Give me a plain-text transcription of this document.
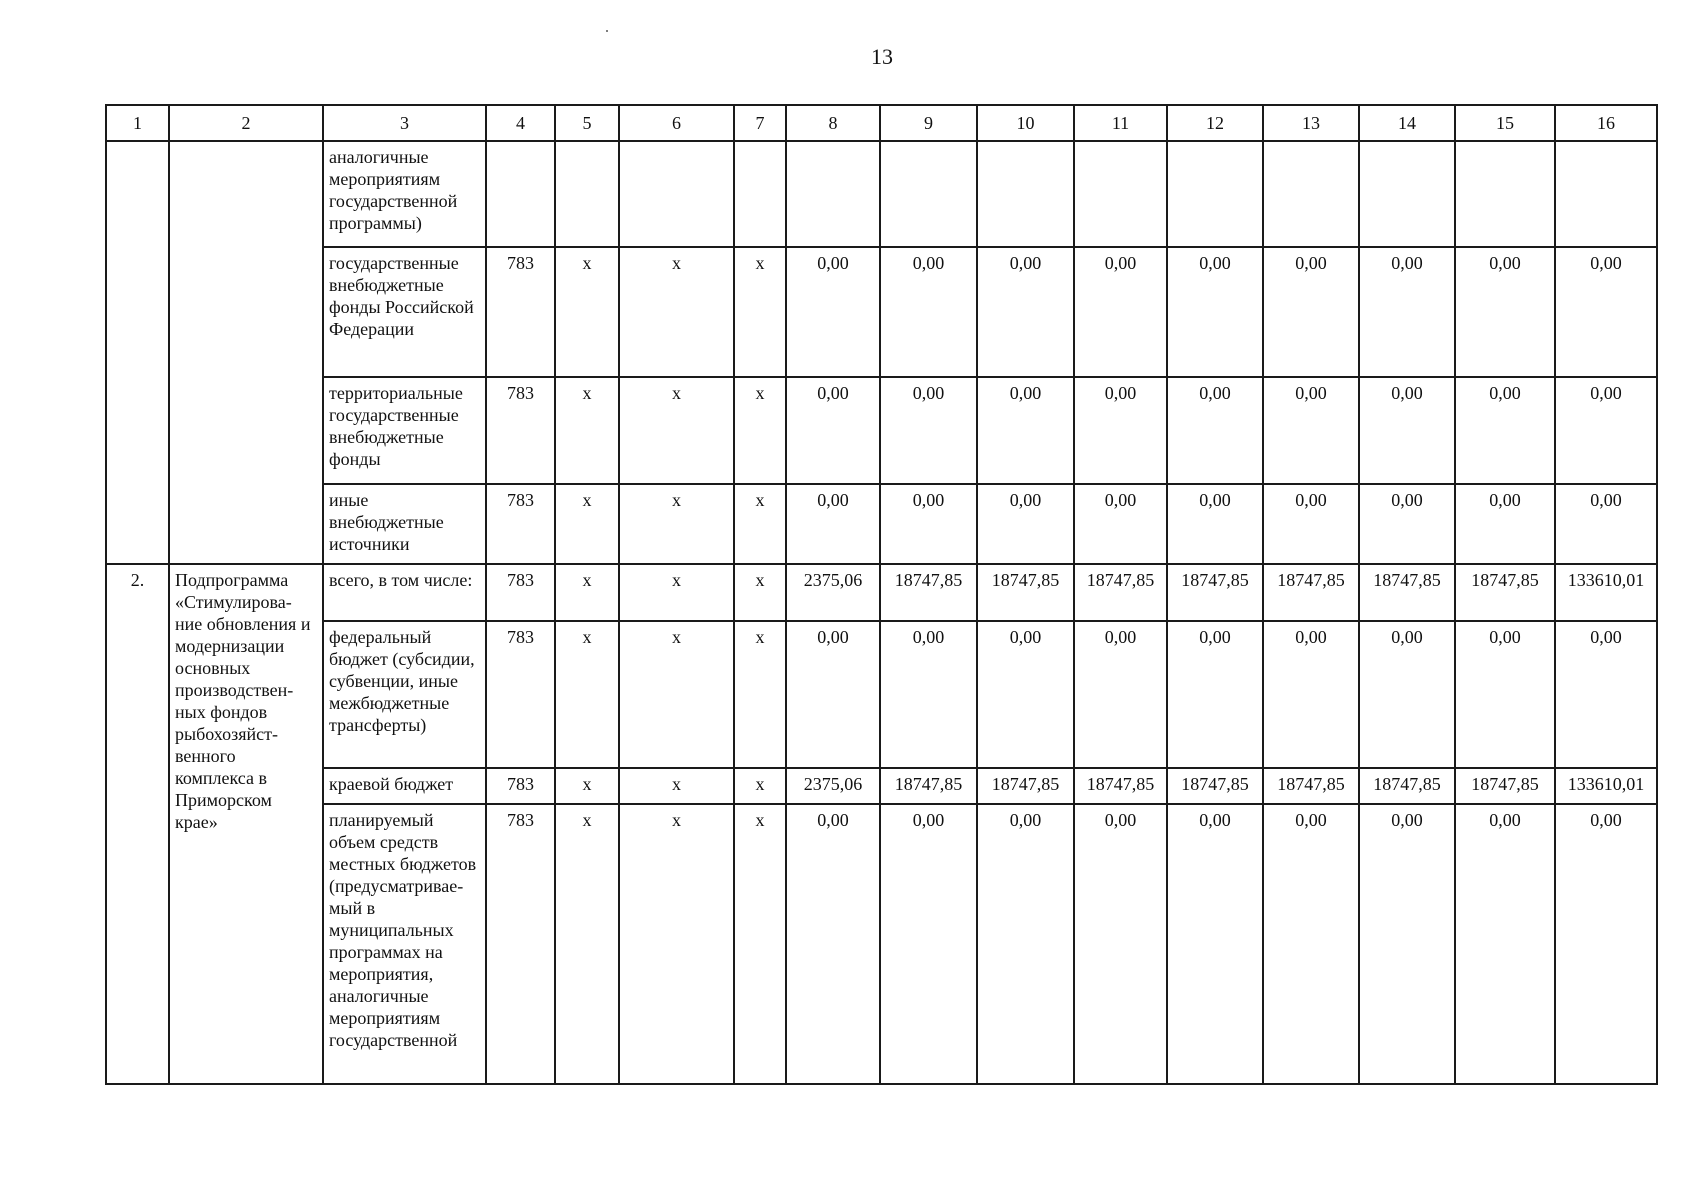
13
1	2	3	4	5	6	7	8	9	10	11	12	13	14	15	16
		аналогичные мероприятиям государственной программы)													
		государственные внебюджетные фонды Российской Федерации	783	х	х	х	0,00	0,00	0,00	0,00	0,00	0,00	0,00	0,00	0,00
		территориальные государственные внебюджетные фонды	783	х	х	х	0,00	0,00	0,00	0,00	0,00	0,00	0,00	0,00	0,00
		иные внебюджетные источники	783	х	х	х	0,00	0,00	0,00	0,00	0,00	0,00	0,00	0,00	0,00
2.	Подпрограмма «Стимулирова-ние обновления и модернизации основных производствен-ных фондов рыбохозяйст-венного комплекса в Приморском крае»	всего, в том числе:	783	х	х	х	2375,06	18747,85	18747,85	18747,85	18747,85	18747,85	18747,85	18747,85	133610,01
		федеральный бюджет (субсидии, субвенции, иные межбюджетные трансферты)	783	х	х	х	0,00	0,00	0,00	0,00	0,00	0,00	0,00	0,00	0,00
		краевой бюджет	783	х	х	х	2375,06	18747,85	18747,85	18747,85	18747,85	18747,85	18747,85	18747,85	133610,01
		планируемый объем средств местных бюджетов (предусматривае-мый в муниципальных программах на мероприятия, аналогичные мероприятиям государственной	783	х	х	х	0,00	0,00	0,00	0,00	0,00	0,00	0,00	0,00	0,00
